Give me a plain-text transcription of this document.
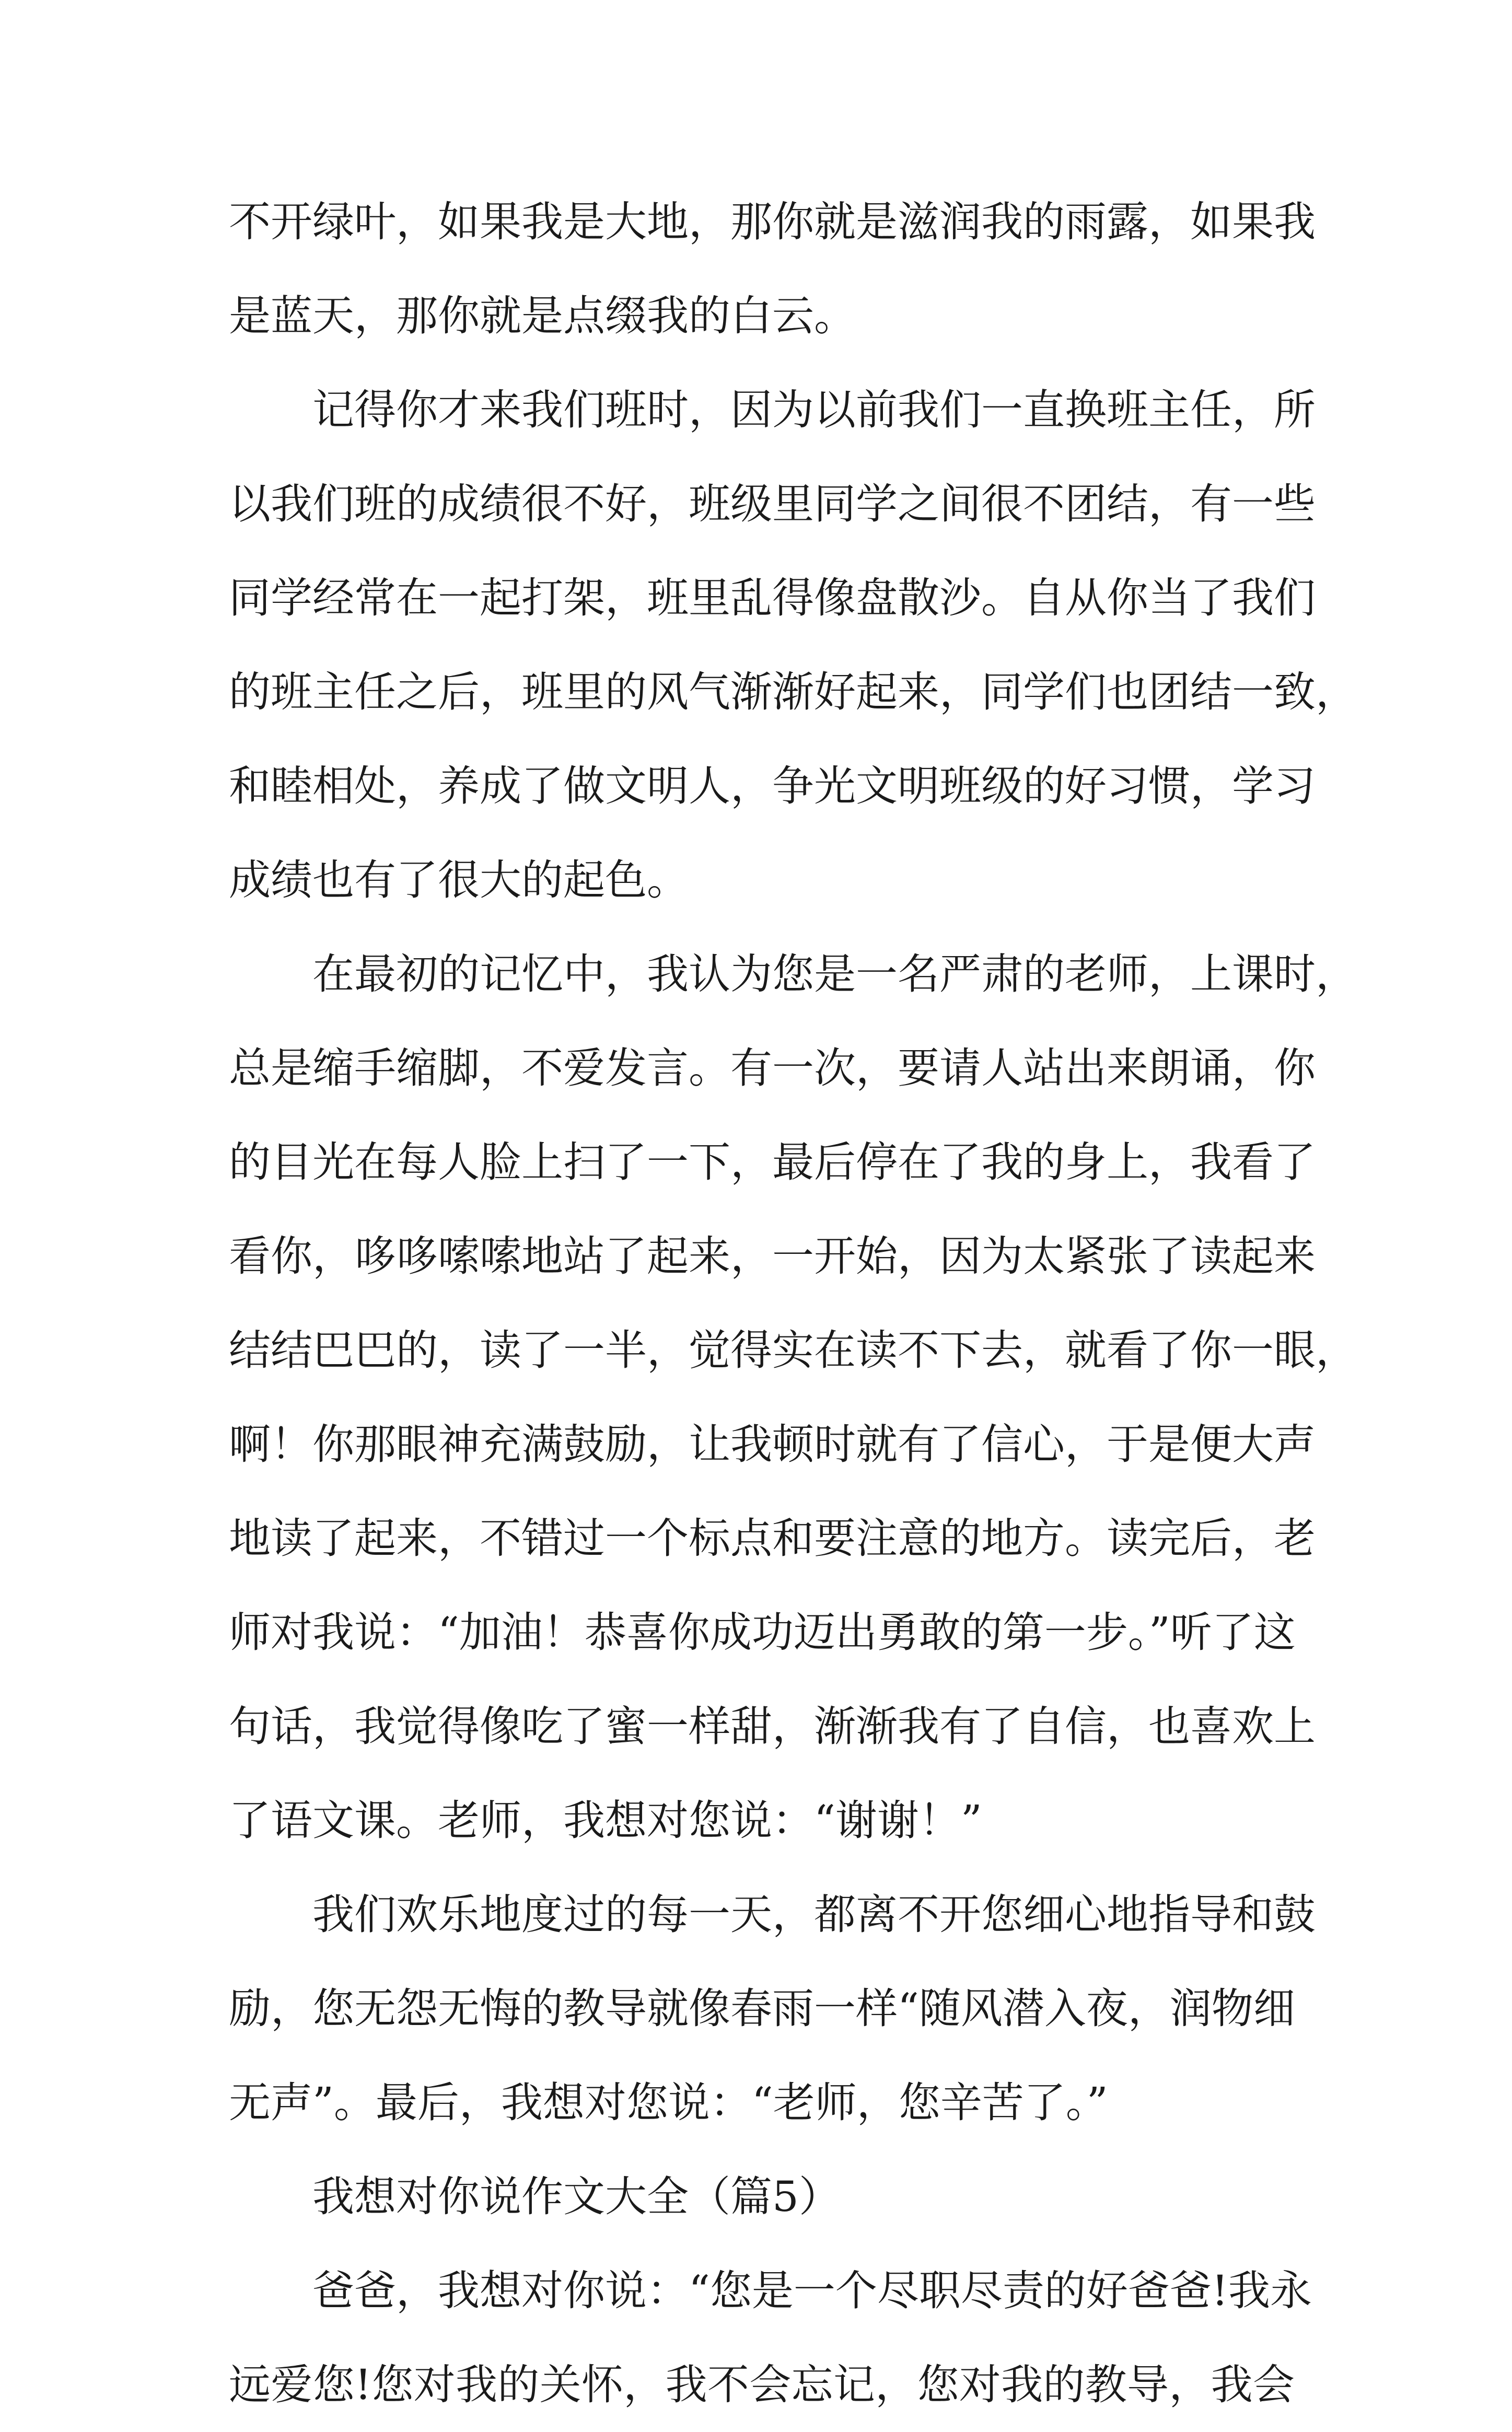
不开绿叶，如果我是大地，那你就是滋润我的雨露，如果我
是蓝天，那你就是点缀我的白云。
记得你才来我们班时，因为以前我们一直换班主任，所
以我们班的成绩很不好，班级里同学之间很不团结，有一些
同学经常在一起打架，班里乱得像盘散沙。自从你当了我们
的班主任之后，班里的风气渐渐好起来，同学们也团结一致，
和睦相处，养成了做文明人，争光文明班级的好习惯，学习
成绩也有了很大的起色。
在最初的记忆中，我认为您是一名严肃的老师，上课时，
总是缩手缩脚，不爱发言。有一次，要请人站出来朗诵，你
的目光在每人脸上扫了一下，最后停在了我的身上，我看了
看你，哆哆嗦嗦地站了起来，一开始，因为太紧张了读起来
结结巴巴的，读了一半，觉得实在读不下去，就看了你一眼，
啊！你那眼神充满鼓励，让我顿时就有了信心，于是便大声
地读了起来，不错过一个标点和要注意的地方。读完后，老
师对我说：“加油！恭喜你成功迈出勇敢的第一步。”听了这
句话，我觉得像吃了蜜一样甜，渐渐我有了自信，也喜欢上
了语文课。老师，我想对您说：“谢谢！”
我们欢乐地度过的每一天，都离不开您细心地指导和鼓
励，您无怨无悔的教导就像春雨一样“随风潜入夜，润物细
无声”。最后，我想对您说：“老师，您辛苦了。”
我想对你说作文大全（篇5）
爸爸，我想对你说：“您是一个尽职尽责的好爸爸!我永
远爱您!您对我的关怀，我不会忘记，您对我的教导，我会
